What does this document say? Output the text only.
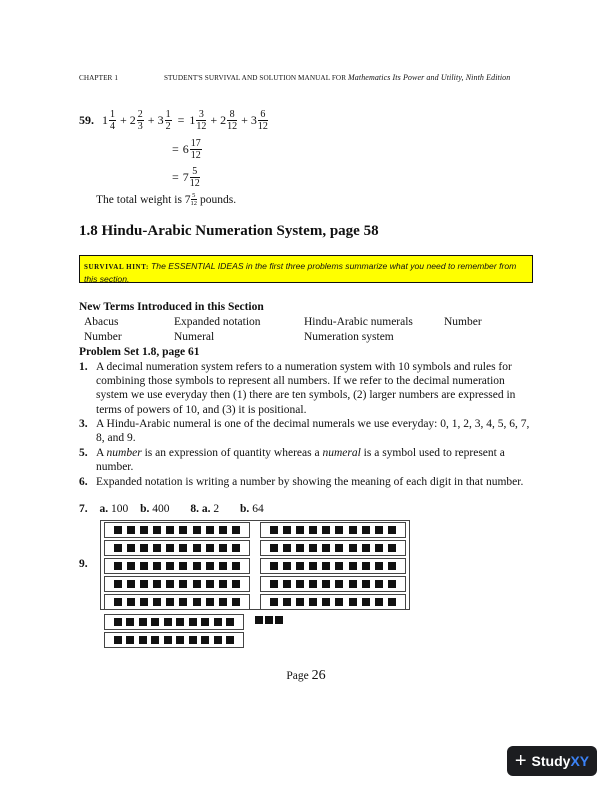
CHAPTER 1	STUDENT'S SURVIVAL AND SOLUTION MANUAL FOR Mathematics Its Power and Utility, Ninth Edition
59. $1 \frac{1}{4} + 2 \frac{2}{3} + 3 \frac{1}{2} = 1 \frac{3}{12} + 2 \frac{8}{12} + 3 \frac{6}{12}$
= $6 \frac{17}{12}$
= $7 \frac{5}{12}$
The total weight is $7 \frac{5}{12}$ pounds.
1.8 Hindu-Arabic Numeration System, page 58
SURVIVAL HINT: The ESSENTIAL IDEAS in the first three problems summarize what you need to remember from this section.
New Terms Introduced in this Section
Abacus	Expanded notation	Hindu-Arabic numerals	Number
Number	Numeral	Numeration system
Problem Set 1.8, page 61
1. A decimal numeration system refers to a numeration system with 10 symbols and rules for combining those symbols to represent all numbers. If we refer to the decimal numeration system we use everyday then (1) there are ten symbols, (2) larger numbers are expressed in terms of powers of 10, and (3) it is positional.
3. A Hindu-Arabic numeral is one of the decimal numerals we use everyday: 0, 1, 2, 3, 4, 5, 6, 7, 8, and 9.
5. A number is an expression of quantity whereas a numeral is a symbol used to represent a number.
6. Expanded notation is writing a number by showing the meaning of each digit in that number.
7. a. 100 b. 400 8. a. 2 b. 64
9.
Page 26
+ StudyXY
